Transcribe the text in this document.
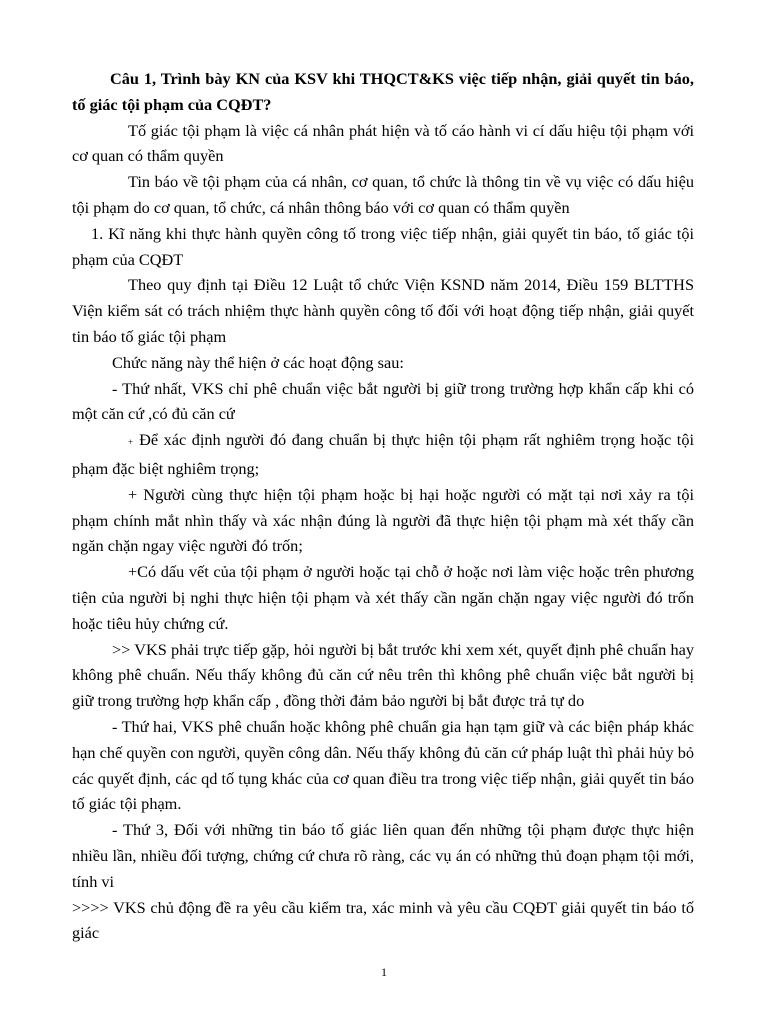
Câu 1, Trình bày KN của KSV khi THQCT&KS việc tiếp nhận, giải quyết tin báo, tố giác tội phạm của CQĐT?

Tố giác tội phạm là việc cá nhân phát hiện và tố cáo hành vi cí dấu hiệu tội phạm với cơ quan có thẩm quyền

Tin báo về tội phạm của cá nhân, cơ quan, tổ chức là thông tin về vụ việc có dấu hiệu tội phạm do cơ quan, tổ chức, cá nhân thông báo với cơ quan có thẩm quyền

1. Kĩ năng khi thực hành quyền công tố trong việc tiếp nhận, giải quyết tin báo, tố giác tội phạm của CQĐT

Theo quy định tại Điều 12 Luật tổ chức Viện KSND năm 2014, Điều 159 BLTTHS Viện kiểm sát có trách nhiệm thực hành quyền công tố đối với hoạt động tiếp nhận, giải quyết tin báo tố giác tội phạm

Chức năng này thể hiện ở các hoạt động sau:

- Thứ nhất, VKS chỉ phê chuẩn việc bắt người bị giữ trong trường hợp khẩn cấp khi có một căn cứ ,có đủ căn cứ

+ Để xác định người đó đang chuẩn bị thực hiện tội phạm rất nghiêm trọng hoặc tội phạm đặc biệt nghiêm trọng;

+ Người cùng thực hiện tội phạm hoặc bị hại hoặc người có mặt tại nơi xảy ra tội phạm chính mắt nhìn thấy và xác nhận đúng là người đã thực hiện tội phạm mà xét thấy cần ngăn chặn ngay việc người đó trốn;

+Có dấu vết của tội phạm ở người hoặc tại chỗ ở hoặc nơi làm việc hoặc trên phương tiện của người bị nghi thực hiện tội phạm và xét thấy cần ngăn chặn ngay việc người đó trốn hoặc tiêu hủy chứng cứ.

>> VKS phải trực tiếp gặp, hỏi người bị bắt trước khi xem xét, quyết định phê chuẩn hay không phê chuẩn. Nếu thấy không đủ căn cứ nêu trên thì không phê chuẩn việc bắt người bị giữ trong trường hợp khẩn cấp , đồng thời đảm bảo người bị bắt được trả tự do

- Thứ hai, VKS phê chuẩn hoặc không phê chuẩn gia hạn tạm giữ và các biện pháp khác hạn chế quyền con người, quyền công dân. Nếu thấy không đủ căn cứ pháp luật thì phải hủy bỏ các quyết định, các qd tố tụng khác của cơ quan điều tra trong việc tiếp nhận, giải quyết tin báo tố giác tội phạm.

- Thứ 3, Đối với những tin báo tố giác liên quan đến những tội phạm được thực hiện nhiều lần, nhiều đối tượng, chứng cứ chưa rõ ràng, các vụ án có những thủ đoạn phạm tội mới, tính vi

>>>> VKS chủ động đề ra yêu cầu kiểm tra, xác minh và yêu cầu CQĐT giải quyết tin báo tố giác

1
